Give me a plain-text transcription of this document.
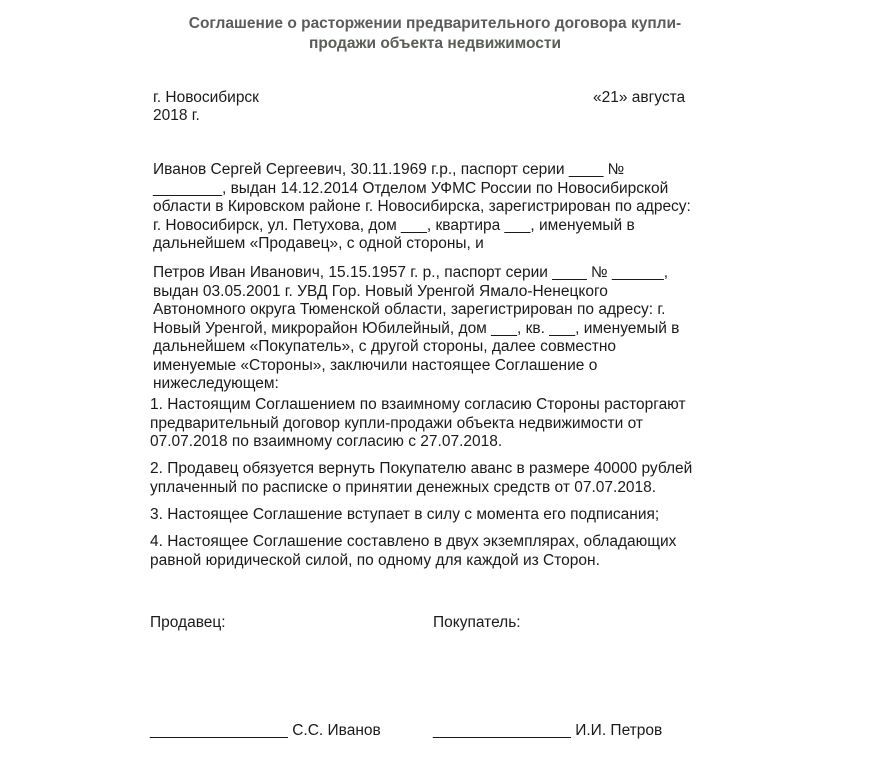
Соглашение о расторжении предварительного договора купли-
продажи объекта недвижимости
г. Новосибирск	«21» августа
2018 г.
Иванов Сергей Сергеевич, 30.11.1969 г.р., паспорт серии ____ №
________, выдан 14.12.2014 Отделом УФМС России по Новосибирской
области в Кировском районе г. Новосибирска, зарегистрирован по адресу:
г. Новосибирск, ул. Петухова, дом ___, квартира ___, именуемый в
дальнейшем «Продавец», с одной стороны, и
Петров Иван Иванович, 15.15.1957 г. р., паспорт серии ____ № ______,
выдан 03.05.2001 г. УВД Гор. Новый Уренгой Ямало-Ненецкого
Автономного округа Тюменской области, зарегистрирован по адресу: г.
Новый Уренгой, микрорайон Юбилейный, дом ___, кв. ___, именуемый в
дальнейшем «Покупатель», с другой стороны, далее совместно
именуемые «Стороны», заключили настоящее Соглашение о
нижеследующем:
1. Настоящим Соглашением по взаимному согласию Стороны расторгают
предварительный договор купли-продажи объекта недвижимости от
07.07.2018 по взаимному согласию с 27.07.2018.
2. Продавец обязуется вернуть Покупателю аванс в размере 40000 рублей
уплаченный по расписке о принятии денежных средств от 07.07.2018.
3. Настоящее Соглашение вступает в силу с момента его подписания;
4. Настоящее Соглашение составлено в двух экземплярах, обладающих
равной юридической силой, по одному для каждой из Сторон.
Продавец:	Покупатель:
________________ С.С. Иванов	________________ И.И. Петров
